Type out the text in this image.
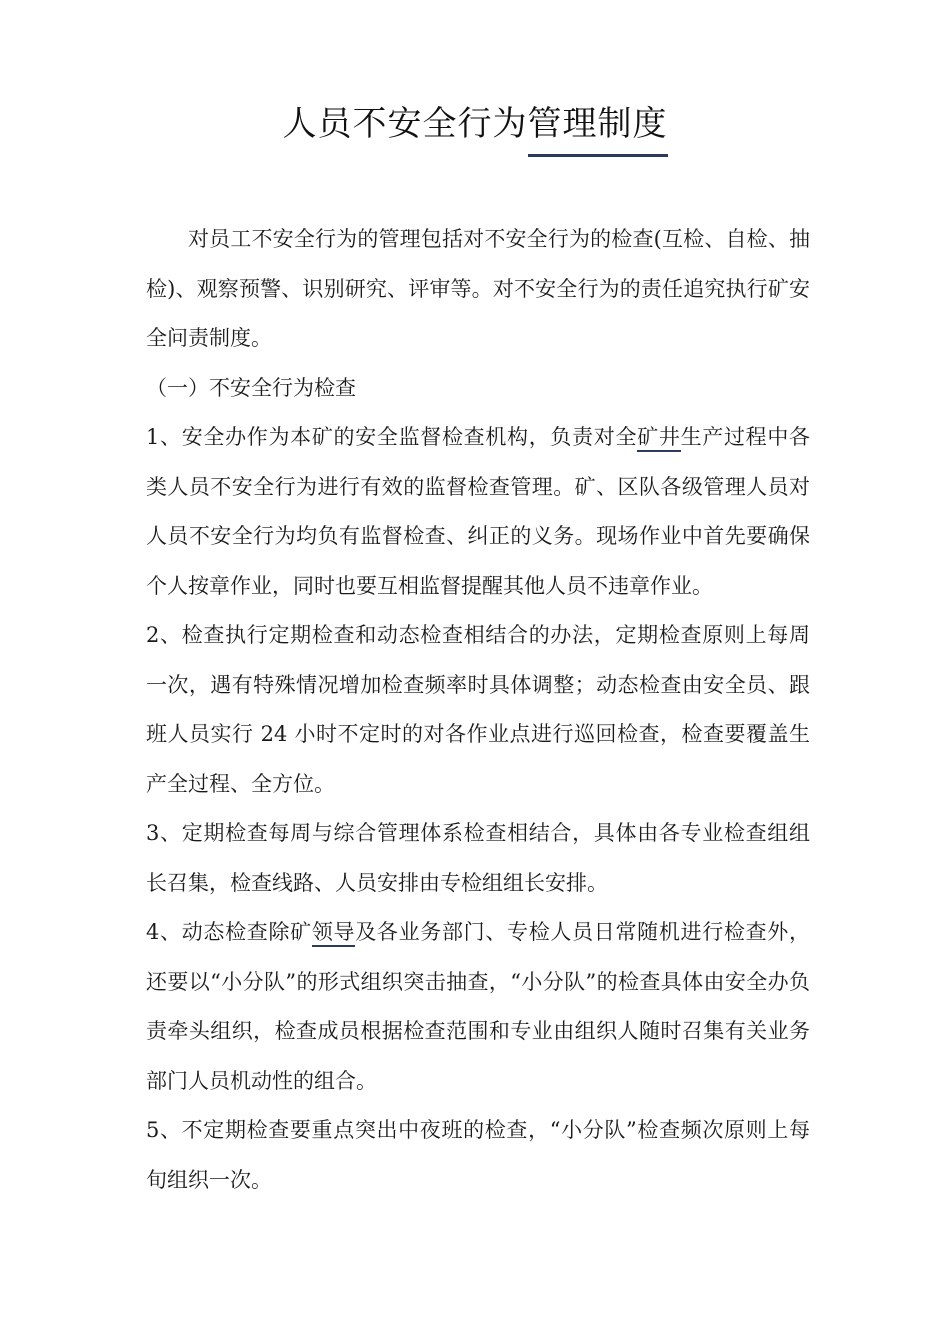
人员不安全行为管理制度

对员工不安全行为的管理包括对不安全行为的检查(互检、自检、抽检)、观察预警、识别研究、评审等。对不安全行为的责任追究执行矿安全问责制度。

（一）不安全行为检查

1、安全办作为本矿的安全监督检查机构，负责对全矿井生产过程中各类人员不安全行为进行有效的监督检查管理。矿、区队各级管理人员对人员不安全行为均负有监督检查、纠正的义务。现场作业中首先要确保个人按章作业，同时也要互相监督提醒其他人员不违章作业。

2、检查执行定期检查和动态检查相结合的办法，定期检查原则上每周一次，遇有特殊情况增加检查频率时具体调整；动态检查由安全员、跟班人员实行 24 小时不定时的对各作业点进行巡回检查，检查要覆盖生产全过程、全方位。

3、定期检查每周与综合管理体系检查相结合，具体由各专业检查组组长召集，检查线路、人员安排由专检组组长安排。

4、动态检查除矿领导及各业务部门、专检人员日常随机进行检查外，还要以“小分队”的形式组织突击抽查，“小分队”的检查具体由安全办负责牵头组织，检查成员根据检查范围和专业由组织人随时召集有关业务部门人员机动性的组合。

5、不定期检查要重点突出中夜班的检查，“小分队”检查频次原则上每旬组织一次。
